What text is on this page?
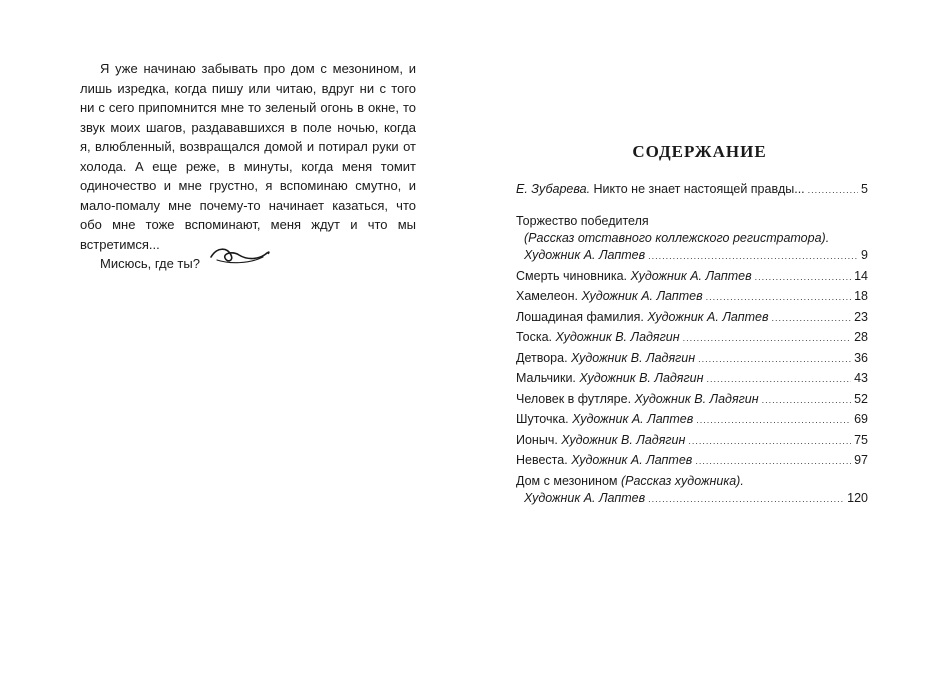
Я уже начинаю забывать про дом с мезонином, и лишь изредка, когда пишу или читаю, вдруг ни с того ни с сего припомнится мне то зеленый огонь в окне, то звук моих шагов, раздававшихся в поле ночью, когда я, влюбленный, возвращался домой и потирал руки от холода. А еще реже, в минуты, когда меня томит одиночество и мне грустно, я вспоминаю смутно, и мало-помалу мне почему-то начинает казаться, что обо мне тоже вспоминают, меня ждут и что мы встретимся...

Мисюсь, где ты?

СОДЕРЖАНИЕ
Е. Зубарева. Никто не знает настоящей правды... .....	5
Торжество победителя
(Рассказ отставного коллежского регистратора).
Художник А. Лаптев .....	9
Смерть чиновника. Художник А. Лаптев .....	14
Хамелеон. Художник А. Лаптев .....	18
Лошадиная фамилия. Художник А. Лаптев .....	23
Тоска. Художник В. Ладягин .....	28
Детвора. Художник В. Ладягин .....	36
Мальчики. Художник В. Ладягин .....	43
Человек в футляре. Художник В. Ладягин .....	52
Шуточка. Художник А. Лаптев .....	69
Ионыч. Художник В. Ладягин .....	75
Невеста. Художник А. Лаптев .....	97
Дом с мезонином (Рассказ художника).
Художник А. Лаптев .....	120
